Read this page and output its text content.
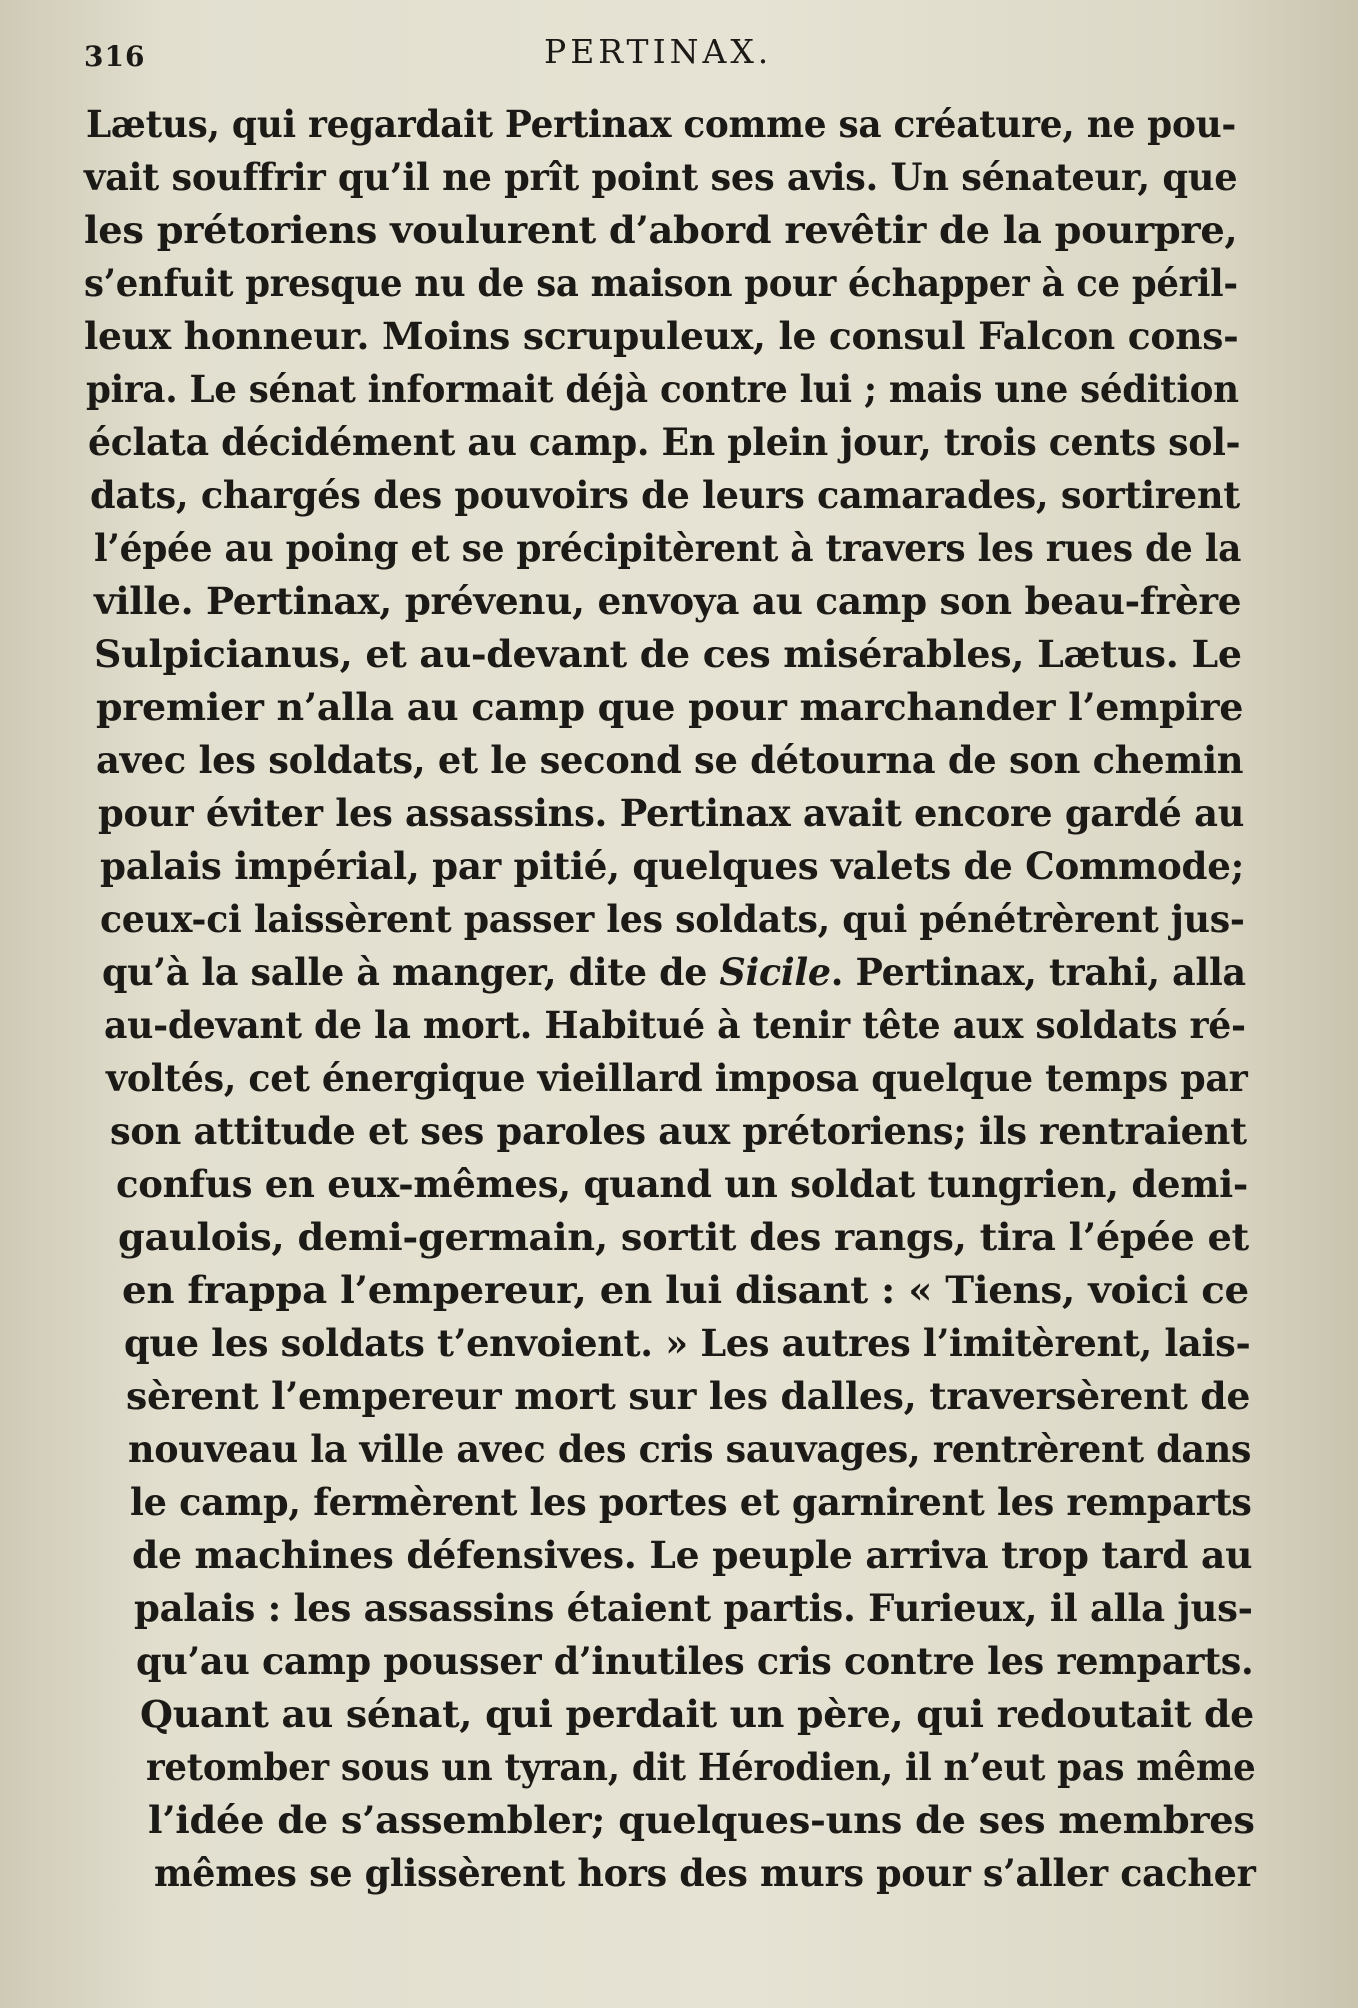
316	PERTINAX.
Lætus, qui regardait Pertinax comme sa créature, ne pou-
vait souffrir qu’il ne prît point ses avis. Un sénateur, que
les prétoriens voulurent d’abord revêtir de la pourpre,
s’enfuit presque nu de sa maison pour échapper à ce péril-
leux honneur. Moins scrupuleux, le consul Falcon cons-
pira. Le sénat informait déjà contre lui ; mais une sédition
éclata décidément au camp. En plein jour, trois cents sol-
dats, chargés des pouvoirs de leurs camarades, sortirent
l’épée au poing et se précipitèrent à travers les rues de la
ville. Pertinax, prévenu, envoya au camp son beau-frère
Sulpicianus, et au-devant de ces misérables, Lætus. Le
premier n’alla au camp que pour marchander l’empire
avec les soldats, et le second se détourna de son chemin
pour éviter les assassins. Pertinax avait encore gardé au
palais impérial, par pitié, quelques valets de Commode;
ceux-ci laissèrent passer les soldats, qui pénétrèrent jus-
qu’à la salle à manger, dite de Sicile. Pertinax, trahi, alla
au-devant de la mort. Habitué à tenir tête aux soldats ré-
voltés, cet énergique vieillard imposa quelque temps par
son attitude et ses paroles aux prétoriens; ils rentraient
confus en eux-mêmes, quand un soldat tungrien, demi-
gaulois, demi-germain, sortit des rangs, tira l’épée et
en frappa l’empereur, en lui disant : « Tiens, voici ce
que les soldats t’envoient. » Les autres l’imitèrent, lais-
sèrent l’empereur mort sur les dalles, traversèrent de
nouveau la ville avec des cris sauvages, rentrèrent dans
le camp, fermèrent les portes et garnirent les remparts
de machines défensives. Le peuple arriva trop tard au
palais : les assassins étaient partis. Furieux, il alla jus-
qu’au camp pousser d’inutiles cris contre les remparts.
Quant au sénat, qui perdait un père, qui redoutait de
retomber sous un tyran, dit Hérodien, il n’eut pas même
l’idée de s’assembler; quelques-uns de ses membres
mêmes se glissèrent hors des murs pour s’aller cacher
